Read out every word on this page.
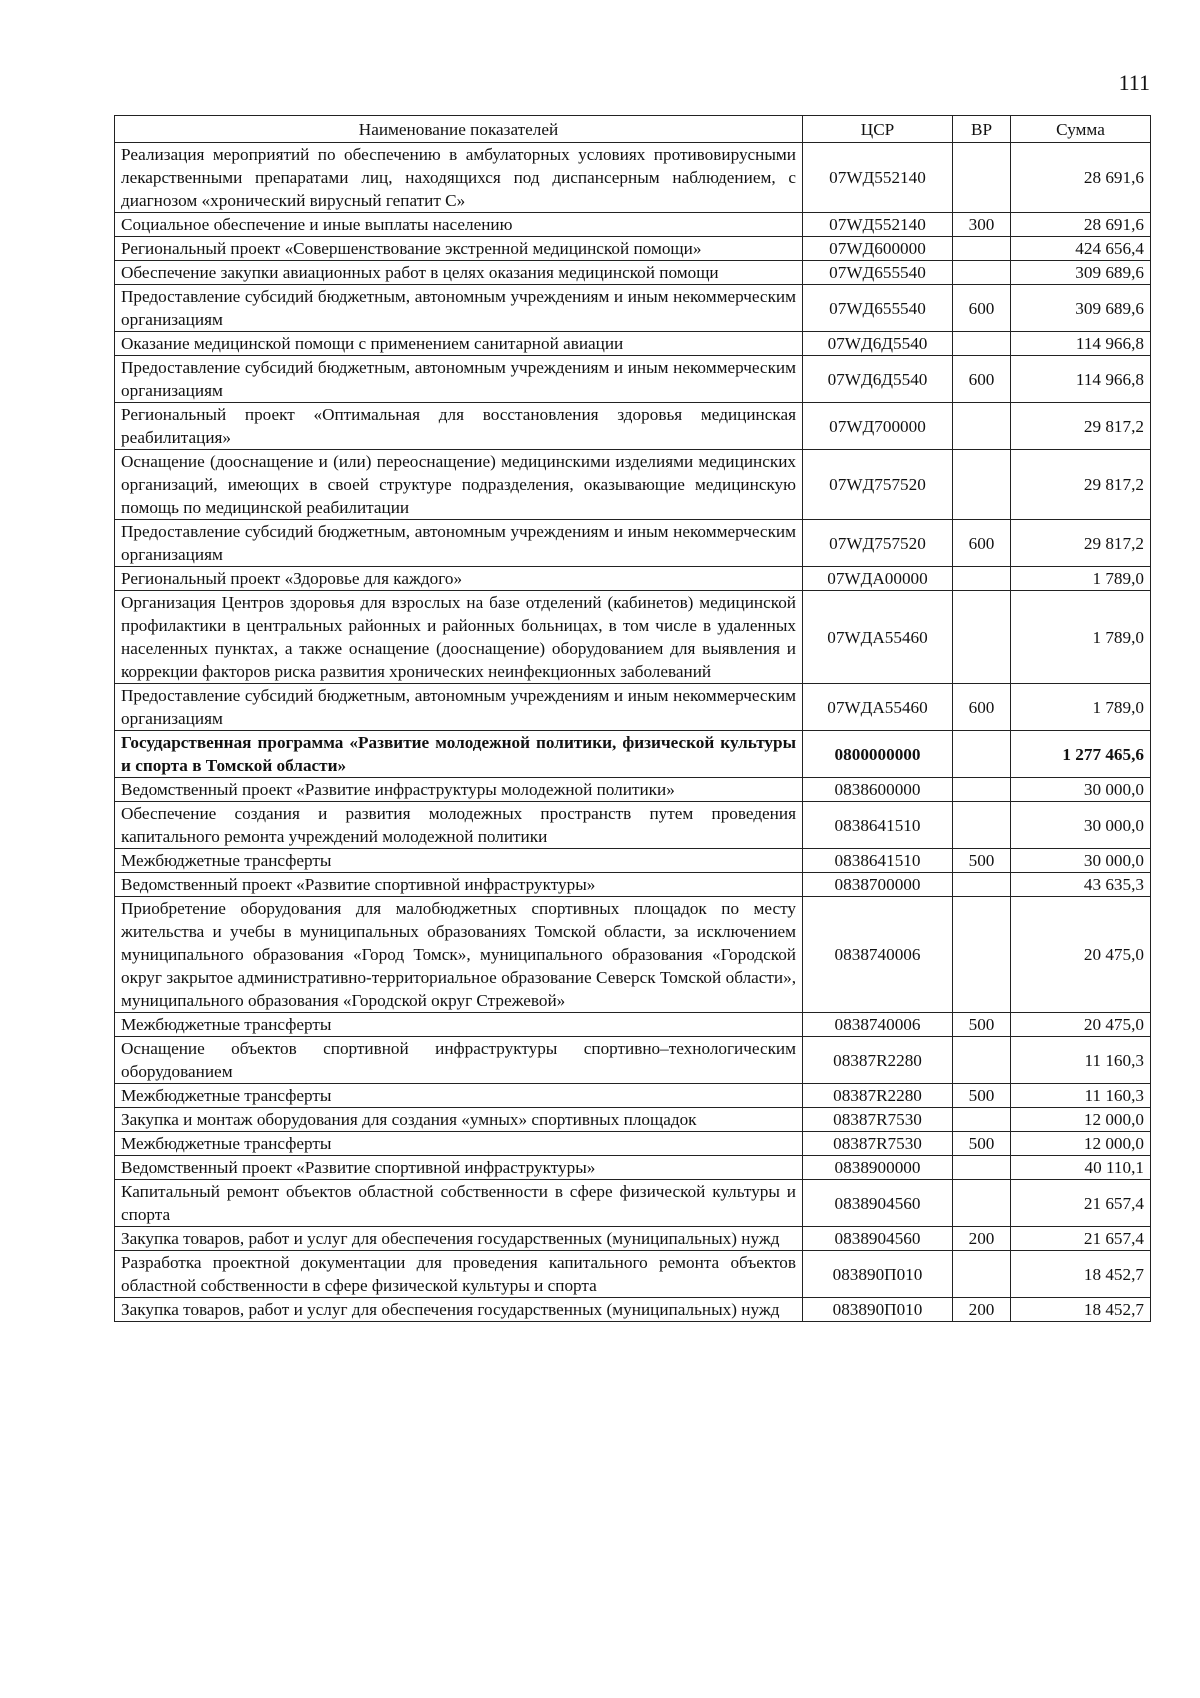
111
Наименование показателей	ЦСР	ВР	Сумма
Реализация мероприятий по обеспечению в амбулаторных условиях противовирусными лекарственными препаратами лиц, находящихся под диспансерным наблюдением, с диагнозом «хронический вирусный гепатит С»	07WД552140		28 691,6
Социальное обеспечение и иные выплаты населению	07WД552140	300	28 691,6
Региональный проект «Совершенствование экстренной медицинской помощи»	07WД600000		424 656,4
Обеспечение закупки авиационных работ в целях оказания медицинской помощи	07WД655540		309 689,6
Предоставление субсидий бюджетным, автономным учреждениям и иным некоммерческим организациям	07WД655540	600	309 689,6
Оказание медицинской помощи с применением санитарной авиации	07WД6Д5540		114 966,8
Предоставление субсидий бюджетным, автономным учреждениям и иным некоммерческим организациям	07WД6Д5540	600	114 966,8
Региональный проект «Оптимальная для восстановления здоровья медицинская реабилитация»	07WД700000		29 817,2
Оснащение (дооснащение и (или) переоснащение) медицинскими изделиями медицинских организаций, имеющих в своей структуре подразделения, оказывающие медицинскую помощь по медицинской реабилитации	07WД757520		29 817,2
Предоставление субсидий бюджетным, автономным учреждениям и иным некоммерческим организациям	07WД757520	600	29 817,2
Региональный проект «Здоровье для каждого»	07WДА00000		1 789,0
Организация Центров здоровья для взрослых на базе отделений (кабинетов) медицинской профилактики в центральных районных и районных больницах, в том числе в удаленных населенных пунктах, а также оснащение (дооснащение) оборудованием для выявления и коррекции факторов риска развития хронических неинфекционных заболеваний	07WДА55460		1 789,0
Предоставление субсидий бюджетным, автономным учреждениям и иным некоммерческим организациям	07WДА55460	600	1 789,0
Государственная программа «Развитие молодежной политики, физической культуры и спорта в Томской области»	0800000000		1 277 465,6
Ведомственный проект «Развитие инфраструктуры молодежной политики»	0838600000		30 000,0
Обеспечение создания и развития молодежных пространств путем проведения капитального ремонта учреждений молодежной политики	0838641510		30 000,0
Межбюджетные трансферты	0838641510	500	30 000,0
Ведомственный проект «Развитие спортивной инфраструктуры»	0838700000		43 635,3
Приобретение оборудования для малобюджетных спортивных площадок по месту жительства и учебы в муниципальных образованиях Томской области, за исключением муниципального образования «Город Томск», муниципального образования «Городской округ закрытое административно-территориальное образование Северск Томской области», муниципального образования «Городской округ Стрежевой»	0838740006		20 475,0
Межбюджетные трансферты	0838740006	500	20 475,0
Оснащение объектов спортивной инфраструктуры спортивно–технологическим оборудованием	08387R2280		11 160,3
Межбюджетные трансферты	08387R2280	500	11 160,3
Закупка и монтаж оборудования для создания «умных» спортивных площадок	08387R7530		12 000,0
Межбюджетные трансферты	08387R7530	500	12 000,0
Ведомственный проект «Развитие спортивной инфраструктуры»	0838900000		40 110,1
Капитальный ремонт объектов областной собственности в сфере физической культуры и спорта	0838904560		21 657,4
Закупка товаров, работ и услуг для обеспечения государственных (муниципальных) нужд	0838904560	200	21 657,4
Разработка проектной документации для проведения капитального ремонта объектов областной собственности в сфере физической культуры и спорта	083890П010		18 452,7
Закупка товаров, работ и услуг для обеспечения государственных (муниципальных) нужд	083890П010	200	18 452,7
